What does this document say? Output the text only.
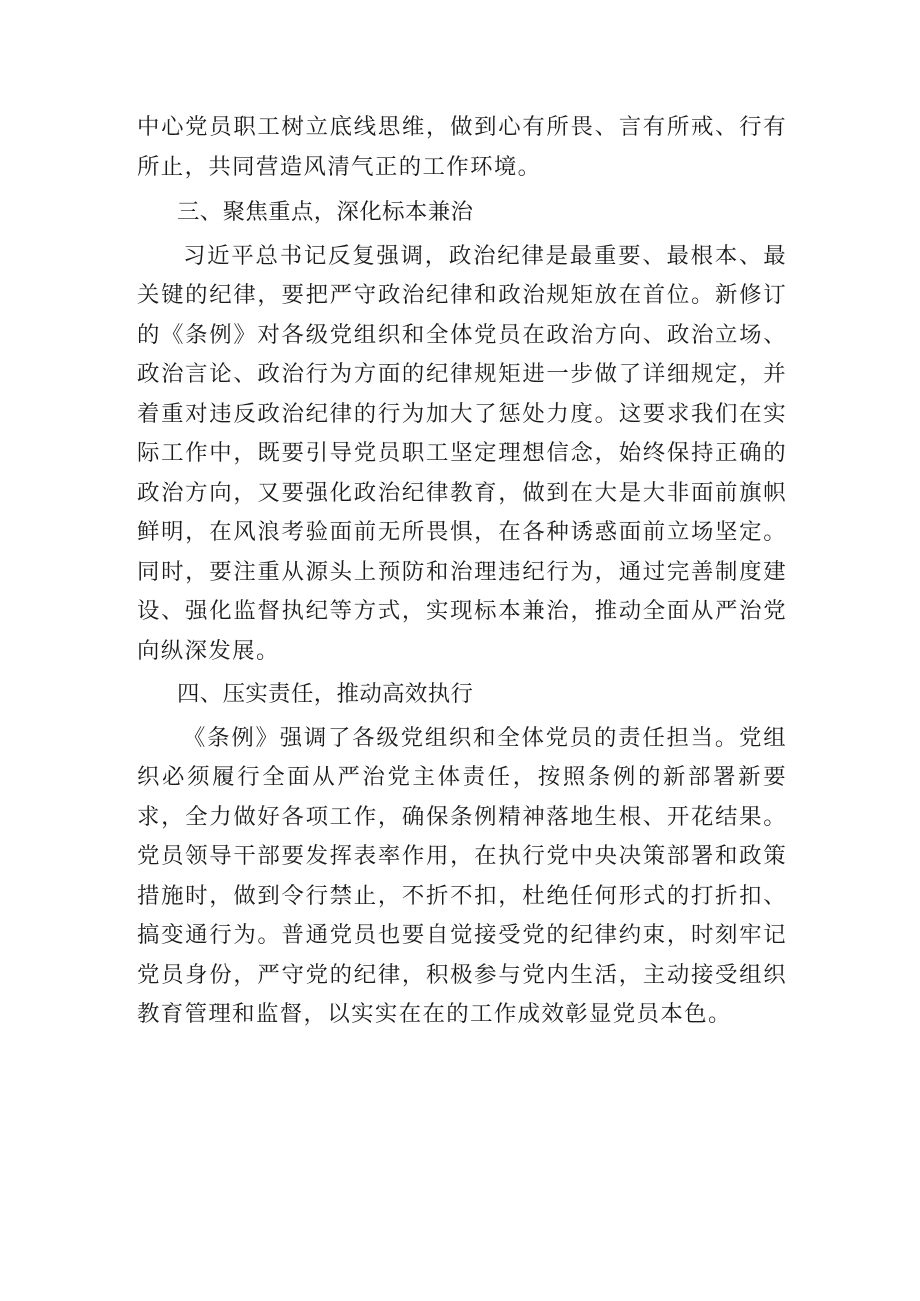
中心党员职工树立底线思维，做到心有所畏、言有所戒、行有所止，共同营造风清气正的工作环境。

三、聚焦重点，深化标本兼治

习近平总书记反复强调，政治纪律是最重要、最根本、最关键的纪律，要把严守政治纪律和政治规矩放在首位。新修订的《条例》对各级党组织和全体党员在政治方向、政治立场、政治言论、政治行为方面的纪律规矩进一步做了详细规定，并着重对违反政治纪律的行为加大了惩处力度。这要求我们在实际工作中，既要引导党员职工坚定理想信念，始终保持正确的政治方向，又要强化政治纪律教育，做到在大是大非面前旗帜鲜明，在风浪考验面前无所畏惧，在各种诱惑面前立场坚定。同时，要注重从源头上预防和治理违纪行为，通过完善制度建设、强化监督执纪等方式，实现标本兼治，推动全面从严治党向纵深发展。

四、压实责任，推动高效执行

《条例》强调了各级党组织和全体党员的责任担当。党组织必须履行全面从严治党主体责任，按照条例的新部署新要求，全力做好各项工作，确保条例精神落地生根、开花结果。党员领导干部要发挥表率作用，在执行党中央决策部署和政策措施时，做到令行禁止，不折不扣，杜绝任何形式的打折扣、搞变通行为。普通党员也要自觉接受党的纪律约束，时刻牢记党员身份，严守党的纪律，积极参与党内生活，主动接受组织教育管理和监督，以实实在在的工作成效彰显党员本色。
